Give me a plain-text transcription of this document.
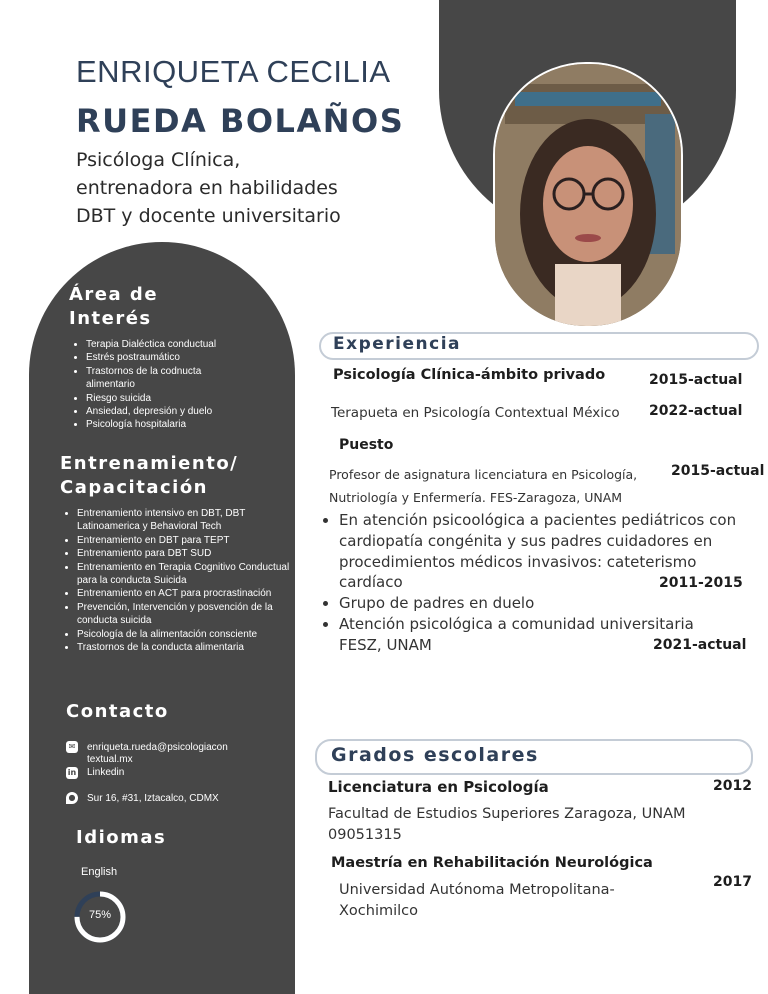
ENRIQUETA CECILIA
RUEDA BOLAÑOS
Psicóloga Clínica,
entrenadora en habilidades
DBT y docente universitario
Área de
Interés
• Terapia Dialéctica conductual
• Estrés postraumático
• Trastornos de la codnucta alimentario
• Riesgo suicida
• Ansiedad, depresión y duelo
• Psicología hospitalaria
Entrenamiento/
Capacitación
• Entrenamiento intensivo en DBT, DBT Latinoamerica y Behavioral Tech
• Entrenamiento en DBT para TEPT
• Entrenamiento para DBT SUD
• Entrenamiento en Terapia Cognitivo Conductual para la conducta Suicida
• Entrenamiento en ACT para procrastinación
• Prevención, Intervención y posvención de la conducta suicida
• Psicología de la alimentación consciente
• Trastornos de la conducta alimentaria
Contacto
✉ enriqueta.rueda@psicologiacon
textual.mx
in Linkedin
● Sur 16, #31, Iztacalco, CDMX
Idiomas
English
75%
Experiencia
Psicología Clínica-ámbito privado	2015-actual
Terapueta en Psicología Contextual México 2022-actual
Puesto
Profesor de asignatura licenciatura en Psicología,
Nutriología y Enfermería. FES-Zaragoza, UNAM
2015-actual
• En atención psicoológica a pacientes pediátricos con cardiopatía congénita y sus padres cuidadores en procedimientos médicos invasivos: cateterismo cardíaco
• Grupo de padres en duelo
• Atención psicológica a comunidad universitaria FESZ, UNAM
2011-2015
2021-actual
Grados escolares
Licenciatura en Psicología	2012
Facultad de Estudios Superiores Zaragoza, UNAM
09051315
Maestría en Rehabilitación Neurológica
2017
Universidad Autónoma Metropolitana-
Xochimilco
